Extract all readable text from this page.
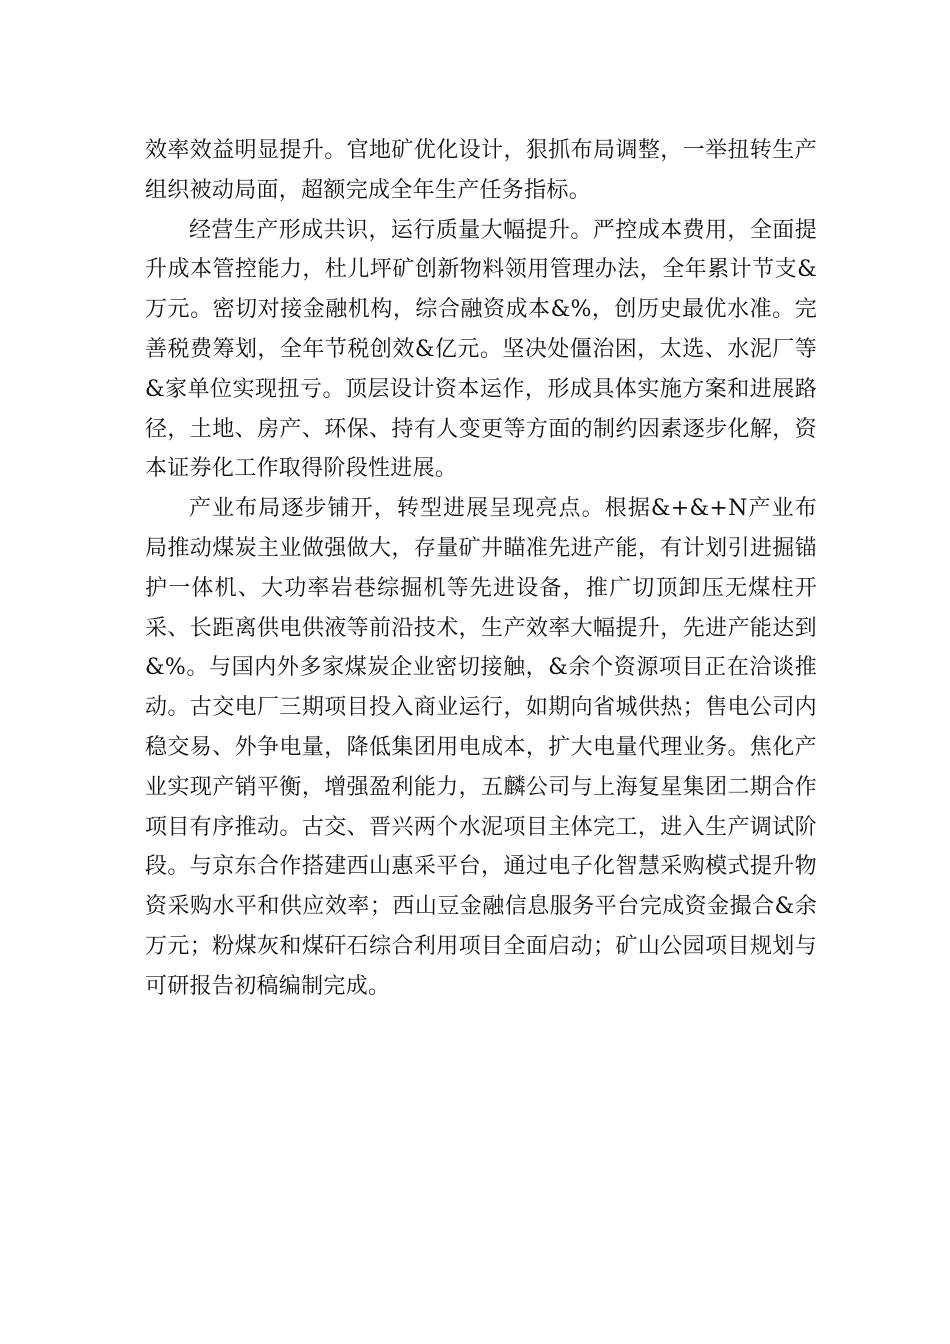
效率效益明显提升。官地矿优化设计，狠抓布局调整，一举扭转生产组织被动局面，超额完成全年生产任务指标。

经营生产形成共识，运行质量大幅提升。严控成本费用，全面提升成本管控能力，杜儿坪矿创新物料领用管理办法，全年累计节支&万元。密切对接金融机构，综合融资成本&%，创历史最优水准。完善税费筹划，全年节税创效&亿元。坚决处僵治困，太选、水泥厂等&家单位实现扭亏。顶层设计资本运作，形成具体实施方案和进展路径，土地、房产、环保、持有人变更等方面的制约因素逐步化解，资本证券化工作取得阶段性进展。

产业布局逐步铺开，转型进展呈现亮点。根据&+&+N产业布局推动煤炭主业做强做大，存量矿井瞄准先进产能，有计划引进掘锚护一体机、大功率岩巷综掘机等先进设备，推广切顶卸压无煤柱开采、长距离供电供液等前沿技术，生产效率大幅提升，先进产能达到&%。与国内外多家煤炭企业密切接触，&余个资源项目正在洽谈推动。古交电厂三期项目投入商业运行，如期向省城供热；售电公司内稳交易、外争电量，降低集团用电成本，扩大电量代理业务。焦化产业实现产销平衡，增强盈利能力，五麟公司与上海复星集团二期合作项目有序推动。古交、晋兴两个水泥项目主体完工，进入生产调试阶段。与京东合作搭建西山惠采平台，通过电子化智慧采购模式提升物资采购水平和供应效率；西山豆金融信息服务平台完成资金撮合&余万元；粉煤灰和煤矸石综合利用项目全面启动；矿山公园项目规划与可研报告初稿编制完成。
